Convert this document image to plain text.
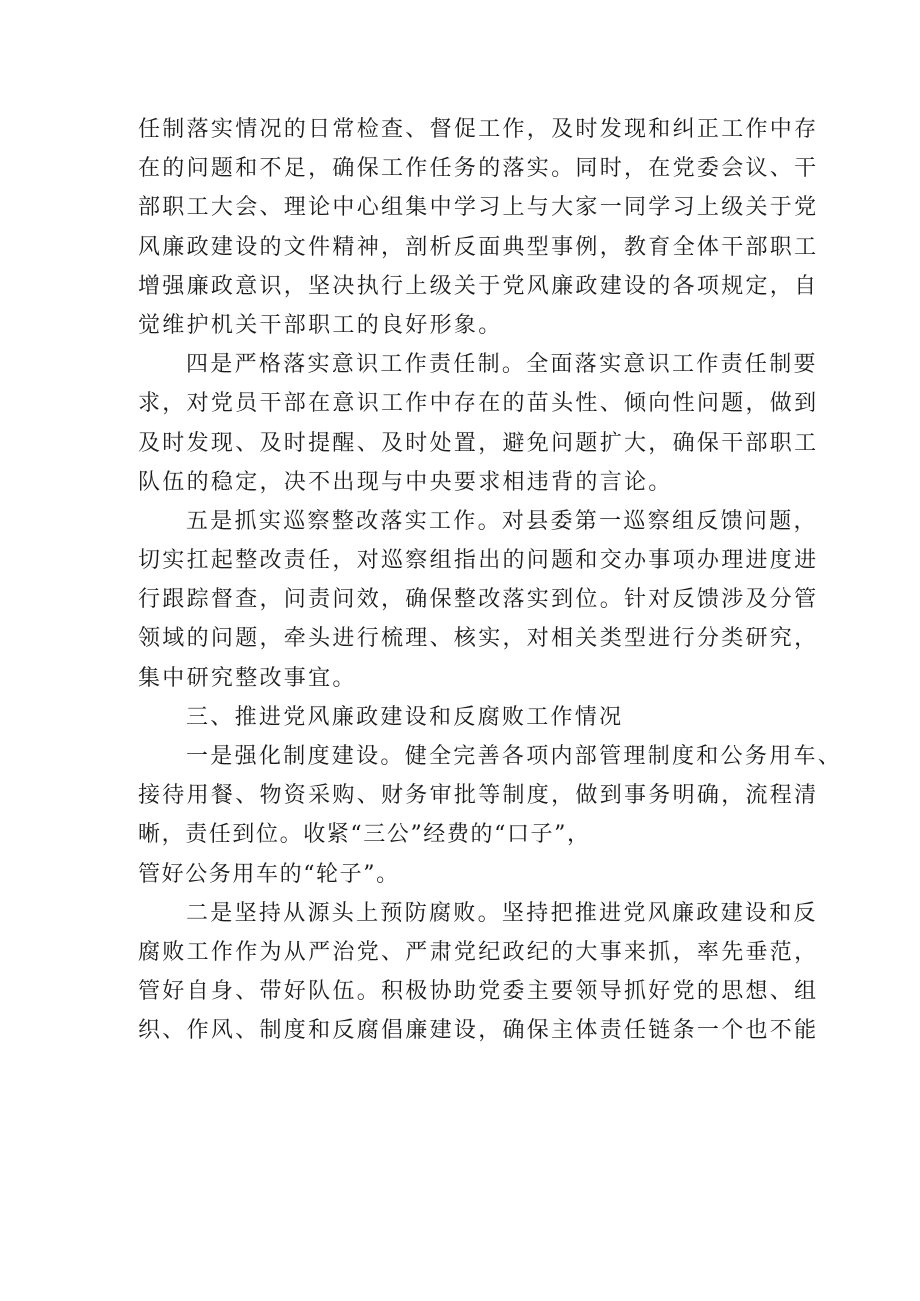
任制落实情况的日常检查、督促工作，及时发现和纠正工作中存
在的问题和不足，确保工作任务的落实。同时，在党委会议、干
部职工大会、理论中心组集中学习上与大家一同学习上级关于党
风廉政建设的文件精神，剖析反面典型事例，教育全体干部职工
增强廉政意识，坚决执行上级关于党风廉政建设的各项规定，自
觉维护机关干部职工的良好形象。
四是严格落实意识工作责任制。全面落实意识工作责任制要
求，对党员干部在意识工作中存在的苗头性、倾向性问题，做到
及时发现、及时提醒、及时处置，避免问题扩大，确保干部职工
队伍的稳定，决不出现与中央要求相违背的言论。
五是抓实巡察整改落实工作。对县委第一巡察组反馈问题，
切实扛起整改责任，对巡察组指出的问题和交办事项办理进度进
行跟踪督查，问责问效，确保整改落实到位。针对反馈涉及分管
领域的问题，牵头进行梳理、核实，对相关类型进行分类研究，
集中研究整改事宜。
三、推进党风廉政建设和反腐败工作情况
一是强化制度建设。健全完善各项内部管理制度和公务用车、
接待用餐、物资采购、财务审批等制度，做到事务明确，流程清
晰，责任到位。收紧“三公”经费的“口子”，
管好公务用车的“轮子”。
二是坚持从源头上预防腐败。坚持把推进党风廉政建设和反
腐败工作作为从严治党、严肃党纪政纪的大事来抓，率先垂范，
管好自身、带好队伍。积极协助党委主要领导抓好党的思想、组
织、作风、制度和反腐倡廉建设，确保主体责任链条一个也不能
